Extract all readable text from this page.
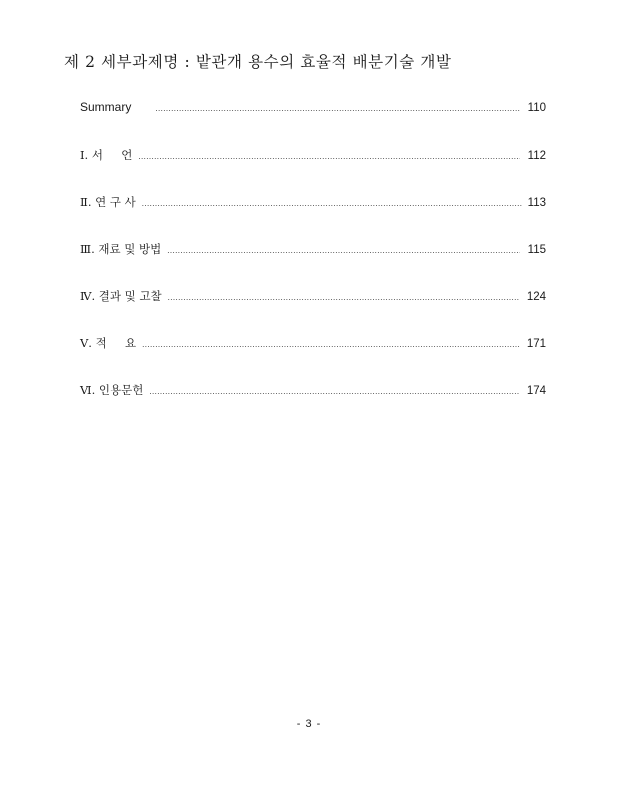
제 2 세부과제명 : 밭관개 용수의 효율적 배분기술 개발
Summary .....	110
Ⅰ. 서     언 .....	112
Ⅱ. 연 구 사 .....	113
Ⅲ. 재료 및 방법 .....	115
Ⅳ. 결과 및 고찰 .....	124
Ⅴ. 적     요 .....	171
Ⅵ. 인용문헌 .....	174
- 3 -
